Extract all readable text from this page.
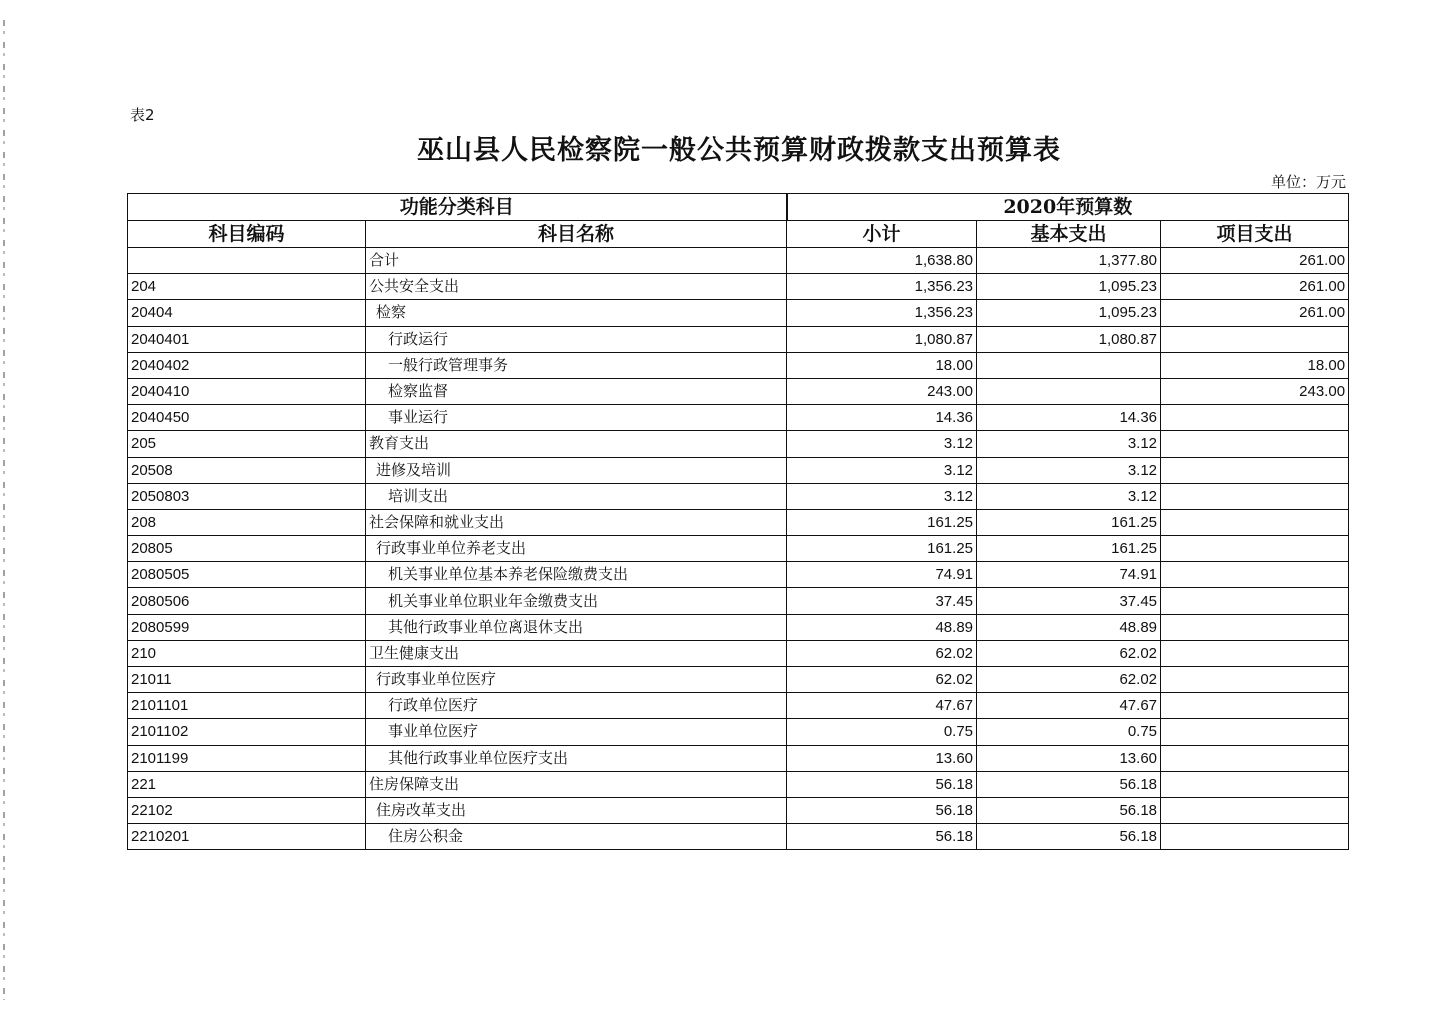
表2
巫山县人民检察院一般公共预算财政拨款支出预算表
单位：万元
功能分类科目		2020年预算数		
科目编码	科目名称	小计	基本支出	项目支出
	合计	1,638.80	1,377.80	261.00
204	公共安全支出	1,356.23	1,095.23	261.00
20404	检察	1,356.23	1,095.23	261.00
2040401	行政运行	1,080.87	1,080.87	
2040402	一般行政管理事务	18.00		18.00
2040410	检察监督	243.00		243.00
2040450	事业运行	14.36	14.36	
205	教育支出	3.12	3.12	
20508	进修及培训	3.12	3.12	
2050803	培训支出	3.12	3.12	
208	社会保障和就业支出	161.25	161.25	
20805	行政事业单位养老支出	161.25	161.25	
2080505	机关事业单位基本养老保险缴费支出	74.91	74.91	
2080506	机关事业单位职业年金缴费支出	37.45	37.45	
2080599	其他行政事业单位离退休支出	48.89	48.89	
210	卫生健康支出	62.02	62.02	
21011	行政事业单位医疗	62.02	62.02	
2101101	行政单位医疗	47.67	47.67	
2101102	事业单位医疗	0.75	0.75	
2101199	其他行政事业单位医疗支出	13.60	13.60	
221	住房保障支出	56.18	56.18	
22102	住房改革支出	56.18	56.18	
2210201	住房公积金	56.18	56.18	
